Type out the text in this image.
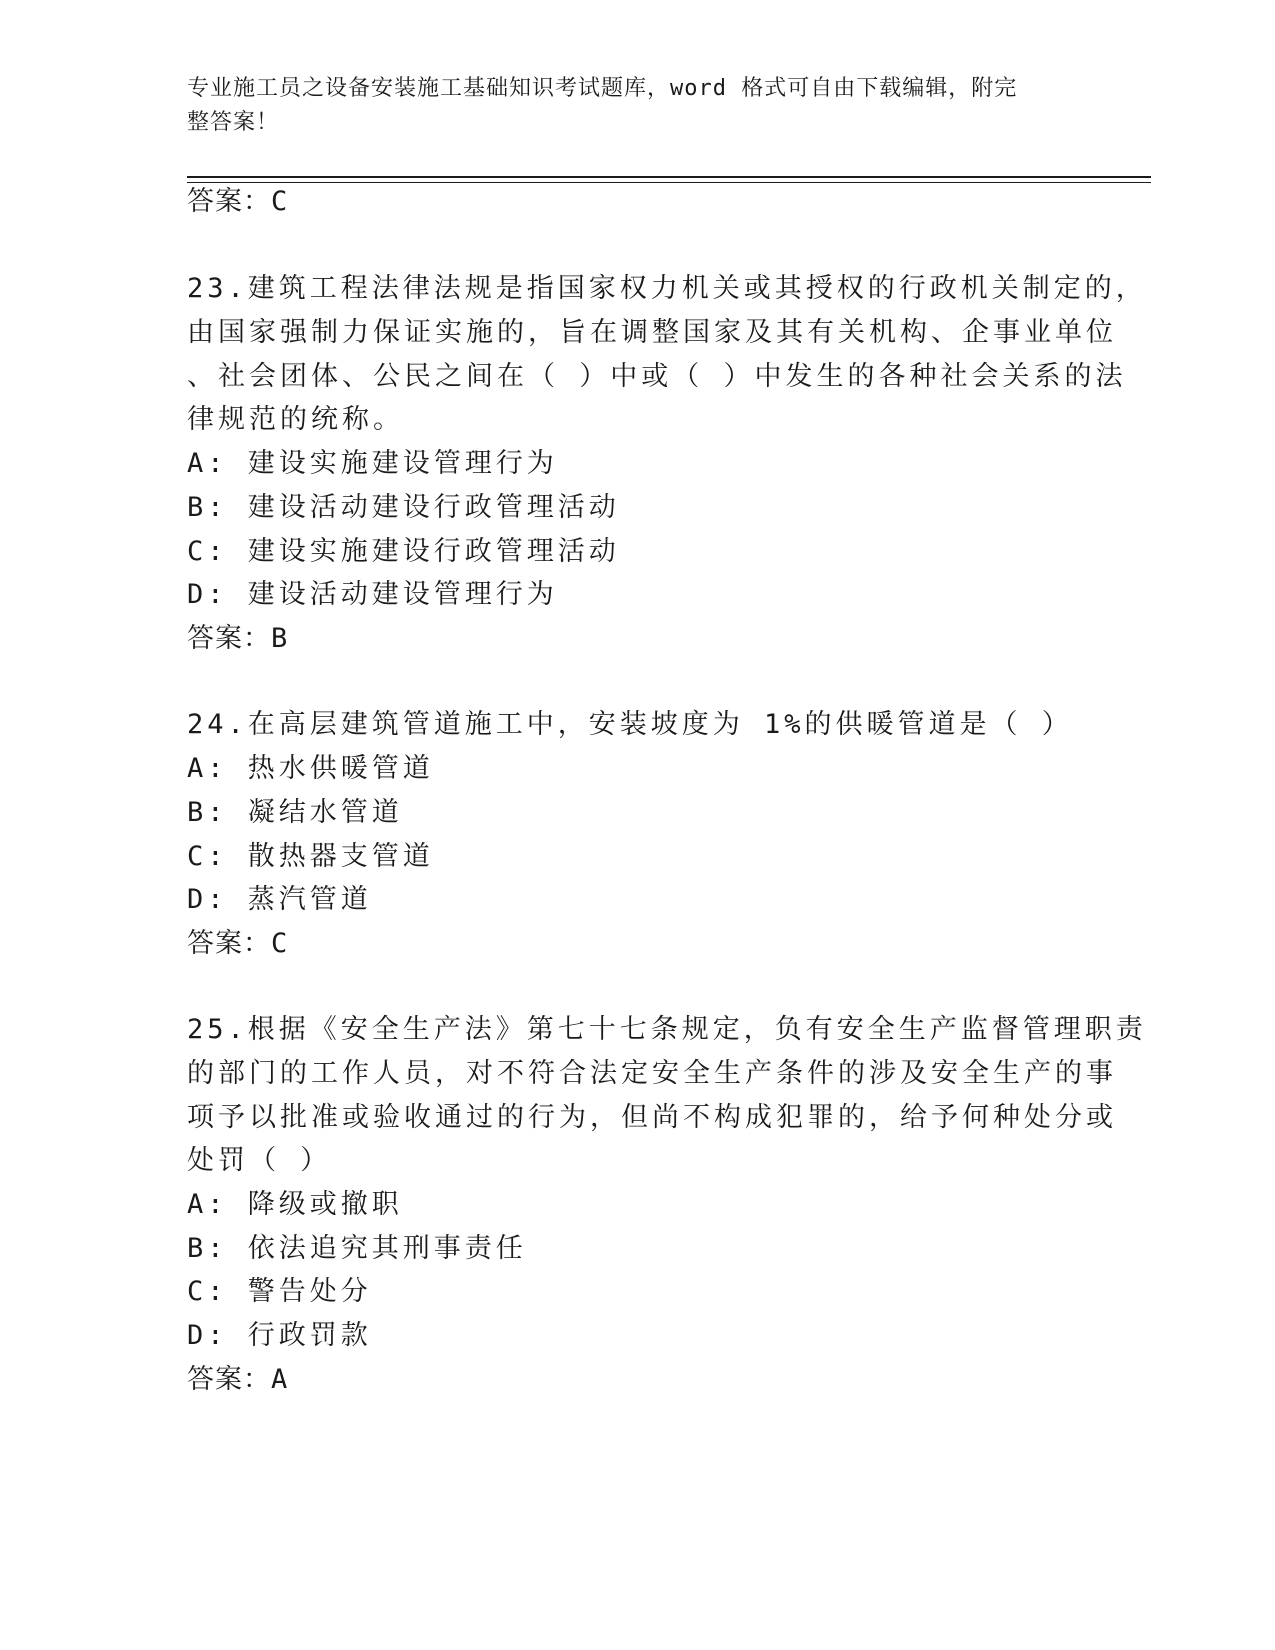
专业施工员之设备安装施工基础知识考试题库，word 格式可自由下载编辑，附完
整答案！
答案：C
23.建筑工程法律法规是指国家权力机关或其授权的行政机关制定的，
由国家强制力保证实施的，旨在调整国家及其有关机构、企事业单位
、社会团体、公民之间在（ ）中或（ ）中发生的各种社会关系的法
律规范的统称。
A: 建设实施建设管理行为
B: 建设活动建设行政管理活动
C: 建设实施建设行政管理活动
D: 建设活动建设管理行为
答案：B
24.在高层建筑管道施工中，安装坡度为 1%的供暖管道是（ ）
A: 热水供暖管道
B: 凝结水管道
C: 散热器支管道
D: 蒸汽管道
答案：C
25.根据《安全生产法》第七十七条规定，负有安全生产监督管理职责
的部门的工作人员，对不符合法定安全生产条件的涉及安全生产的事
项予以批准或验收通过的行为，但尚不构成犯罪的，给予何种处分或
处罚（ ）
A: 降级或撤职
B: 依法追究其刑事责任
C: 警告处分
D: 行政罚款
答案：A
